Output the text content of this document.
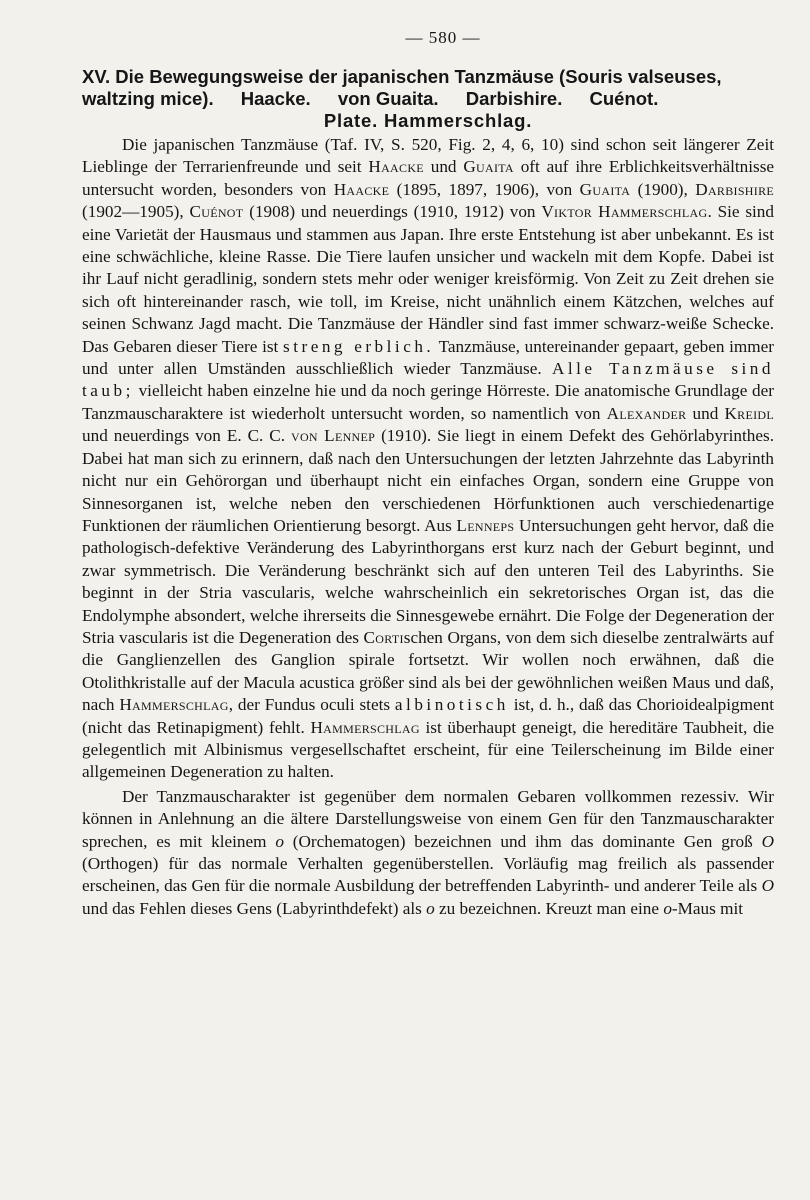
— 580 —
XV. Die Bewegungsweise der japanischen Tanzmäuse (Souris valseuses,
waltzing mice). Haacke. von Guaita. Darbishire. Cuénot.
Plate. Hammerschlag.

Die japanischen Tanzmäuse (Taf. IV, S. 520, Fig. 2, 4, 6, 10) sind schon seit längerer Zeit Lieblinge der Terrarienfreunde und seit Haacke und Guaita oft auf ihre Erblichkeitsverhältnisse untersucht worden, besonders von Haacke (1895, 1897, 1906), von Guaita (1900), Darbishire (1902—1905), Cuénot (1908) und neuerdings (1910, 1912) von Viktor Hammerschlag. Sie sind eine Varietät der Hausmaus und stammen aus Japan. Ihre erste Entstehung ist aber unbekannt. Es ist eine schwächliche, kleine Rasse. Die Tiere laufen unsicher und wackeln mit dem Kopfe. Dabei ist ihr Lauf nicht geradlinig, sondern stets mehr oder weniger kreisförmig. Von Zeit zu Zeit drehen sie sich oft hintereinander rasch, wie toll, im Kreise, nicht unähnlich einem Kätzchen, welches auf seinen Schwanz Jagd macht. Die Tanzmäuse der Händler sind fast immer schwarz-weiße Schecke. Das Gebaren dieser Tiere ist streng erblich. Tanzmäuse, untereinander gepaart, geben immer und unter allen Umständen ausschließlich wieder Tanzmäuse. Alle Tanzmäuse sind taub; vielleicht haben einzelne hie und da noch geringe Hörreste. Die anatomische Grundlage der Tanzmauscharaktere ist wiederholt untersucht worden, so namentlich von Alexander und Kreidl und neuerdings von E. C. C. von Lennep (1910). Sie liegt in einem Defekt des Gehörlabyrinthes. Dabei hat man sich zu erinnern, daß nach den Untersuchungen der letzten Jahrzehnte das Labyrinth nicht nur ein Gehörorgan und überhaupt nicht ein einfaches Organ, sondern eine Gruppe von Sinnesorganen ist, welche neben den verschiedenen Hörfunktionen auch verschiedenartige Funktionen der räumlichen Orientierung besorgt. Aus Lenneps Untersuchungen geht hervor, daß die pathologisch-defektive Veränderung des Labyrinthorgans erst kurz nach der Geburt beginnt, und zwar symmetrisch. Die Veränderung beschränkt sich auf den unteren Teil des Labyrinths. Sie beginnt in der Stria vascularis, welche wahrscheinlich ein sekretorisches Organ ist, das die Endolymphe absondert, welche ihrerseits die Sinnesgewebe ernährt. Die Folge der Degeneration der Stria vascularis ist die Degeneration des Cortischen Organs, von dem sich dieselbe zentralwärts auf die Ganglienzellen des Ganglion spirale fortsetzt. Wir wollen noch erwähnen, daß die Otolithkristalle auf der Macula acustica größer sind als bei der gewöhnlichen weißen Maus und daß, nach Hammerschlag, der Fundus oculi stets albinotisch ist, d. h., daß das Chorioidealpigment (nicht das Retinapigment) fehlt. Hammerschlag ist überhaupt geneigt, die hereditäre Taubheit, die gelegentlich mit Albinismus vergesellschaftet erscheint, für eine Teilerscheinung im Bilde einer allgemeinen Degeneration zu halten.

Der Tanzmauscharakter ist gegenüber dem normalen Gebaren vollkommen rezessiv. Wir können in Anlehnung an die ältere Darstellungsweise von einem Gen für den Tanzmauscharakter sprechen, es mit kleinem o (Orchematogen) bezeichnen und ihm das dominante Gen groß O (Orthogen) für das normale Verhalten gegenüberstellen. Vorläufig mag freilich als passender erscheinen, das Gen für die normale Ausbildung der betreffenden Labyrinth- und anderer Teile als O und das Fehlen dieses Gens (Labyrinthdefekt) als o zu bezeichnen. Kreuzt man eine o-Maus mit
